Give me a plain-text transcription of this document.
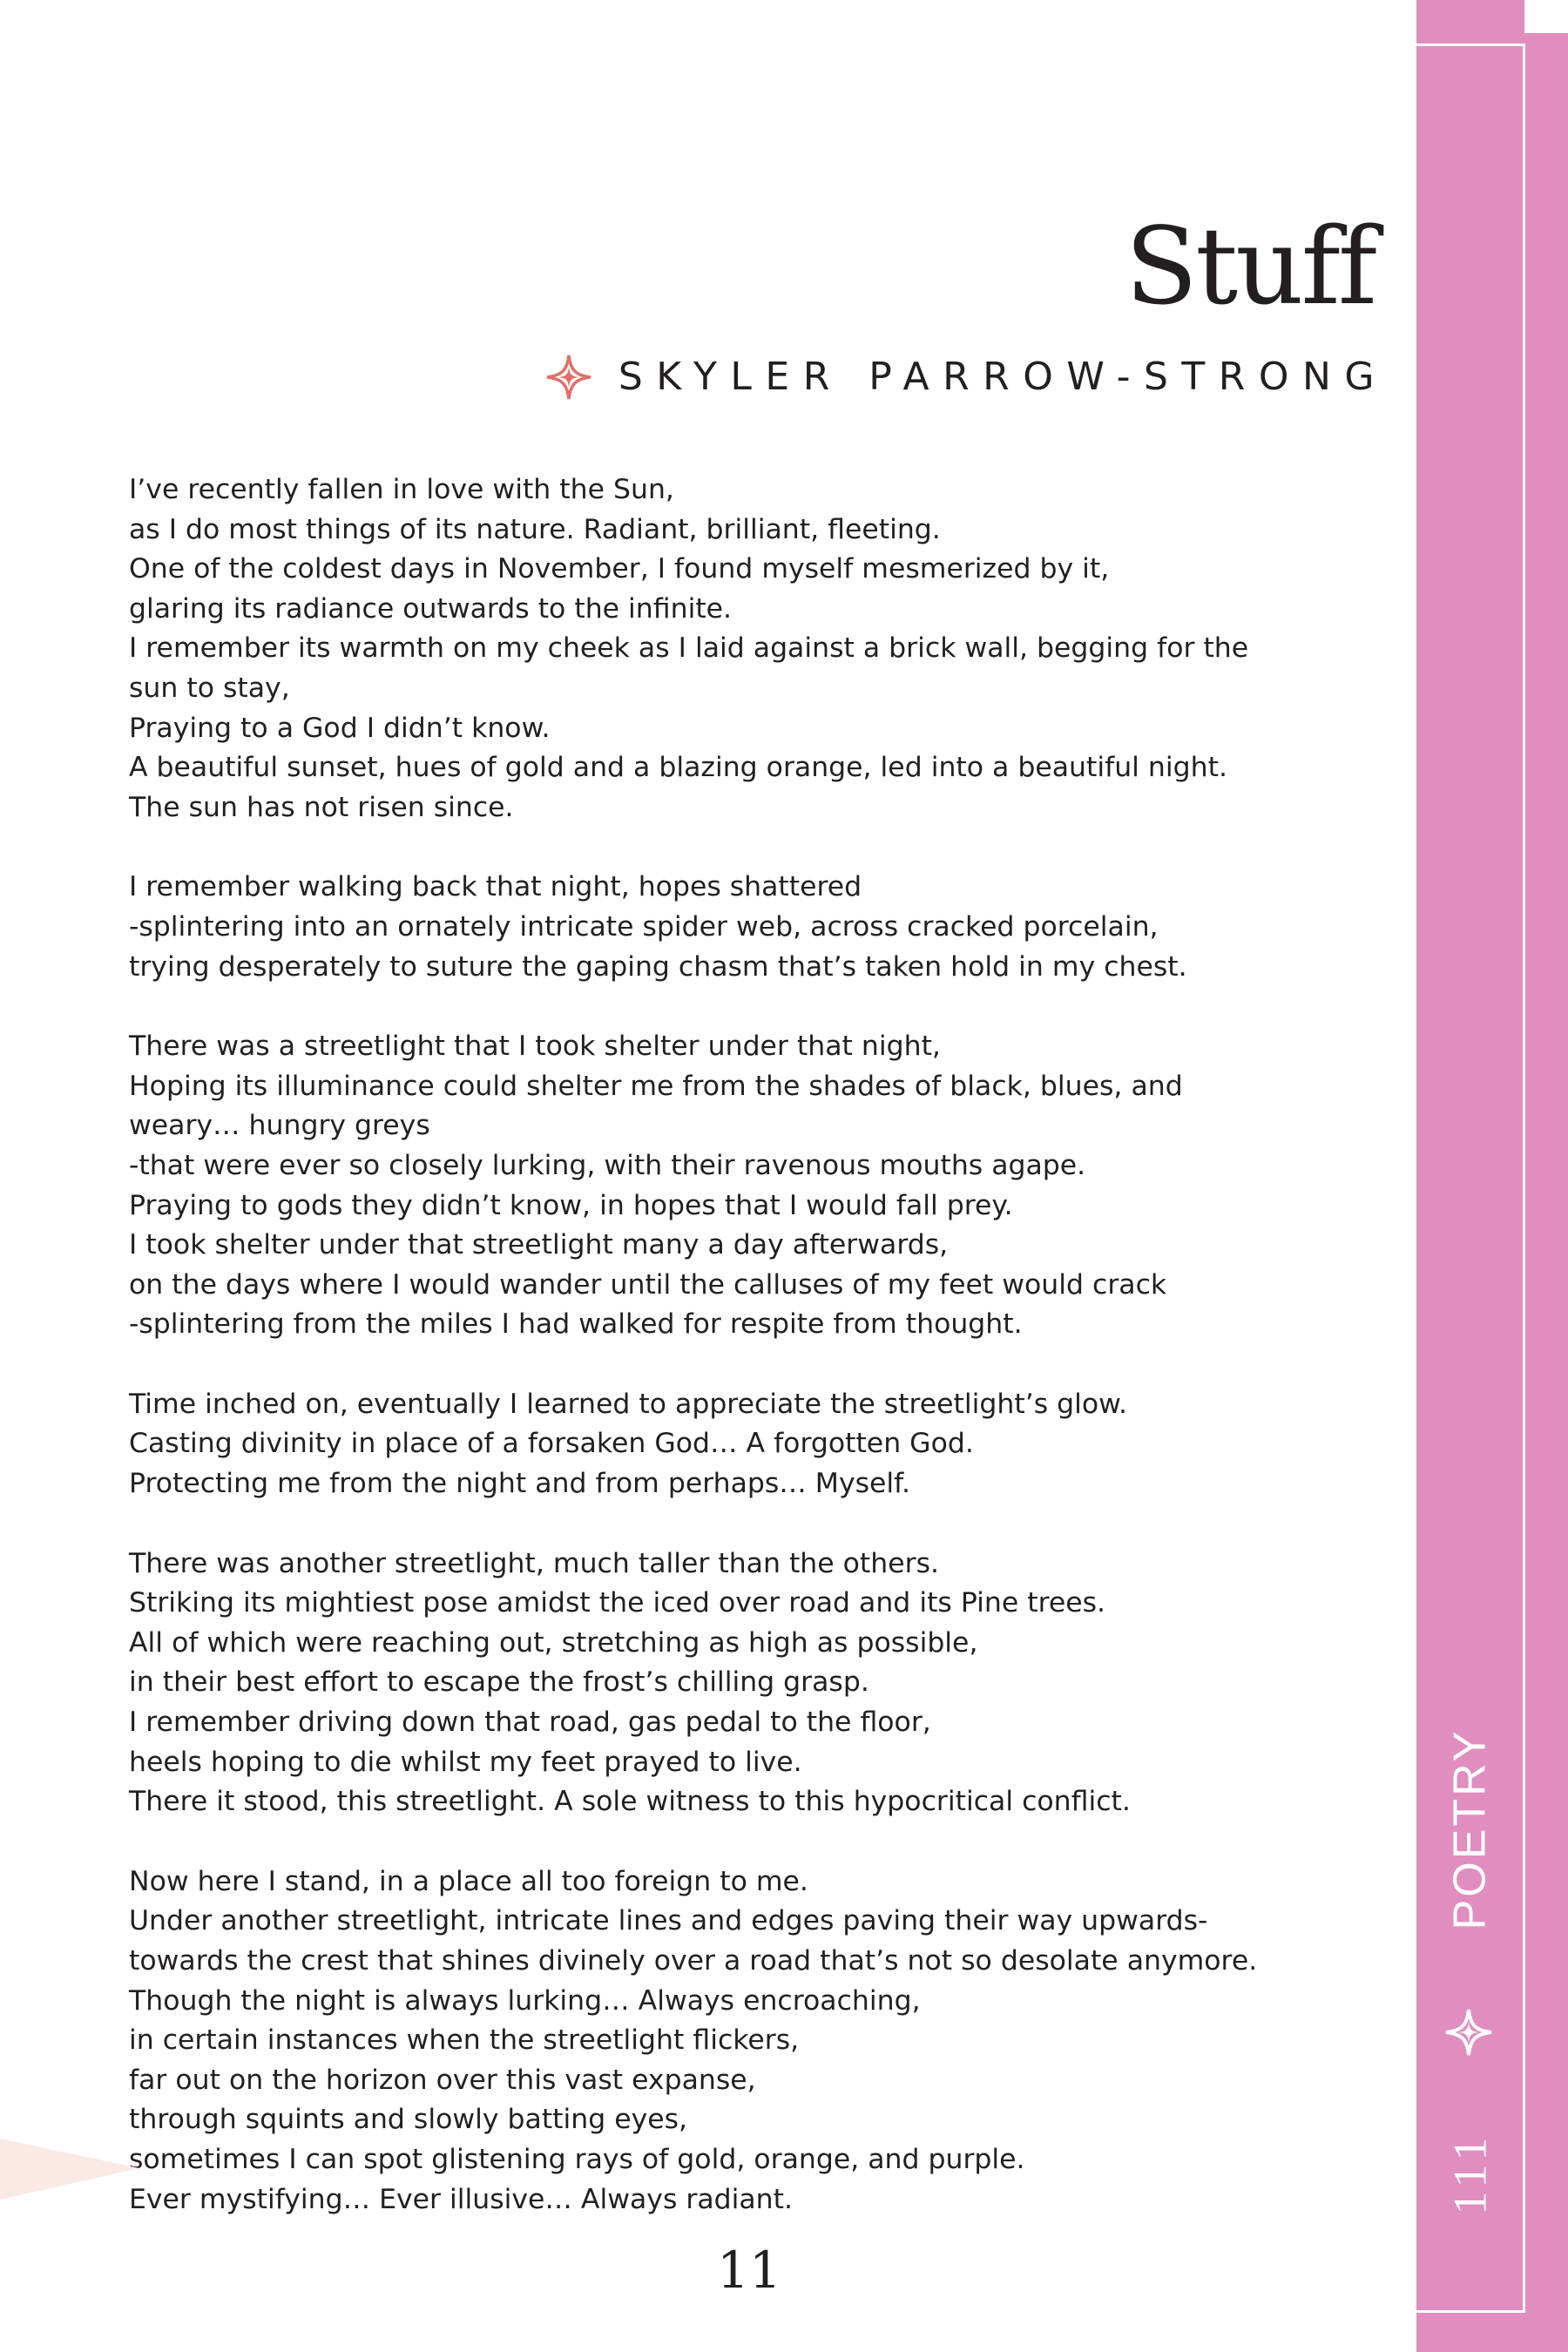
POETRY
111
Stuff
SKYLER PARROW-STRONG
I’ve recently fallen in love with the Sun,
as I do most things of its nature. Radiant, brilliant, fleeting.
One of the coldest days in November, I found myself mesmerized by it,
glaring its radiance outwards to the infinite.
I remember its warmth on my cheek as I laid against a brick wall, begging for the
sun to stay,
Praying to a God I didn’t know.
A beautiful sunset, hues of gold and a blazing orange, led into a beautiful night.
The sun has not risen since.
I remember walking back that night, hopes shattered
-splintering into an ornately intricate spider web, across cracked porcelain,
trying desperately to suture the gaping chasm that’s taken hold in my chest.
There was a streetlight that I took shelter under that night,
Hoping its illuminance could shelter me from the shades of black, blues, and
weary… hungry greys
-that were ever so closely lurking, with their ravenous mouths agape.
Praying to gods they didn’t know, in hopes that I would fall prey.
I took shelter under that streetlight many a day afterwards,
on the days where I would wander until the calluses of my feet would crack
-splintering from the miles I had walked for respite from thought.
Time inched on, eventually I learned to appreciate the streetlight’s glow.
Casting divinity in place of a forsaken God… A forgotten God.
Protecting me from the night and from perhaps… Myself.
There was another streetlight, much taller than the others.
Striking its mightiest pose amidst the iced over road and its Pine trees.
All of which were reaching out, stretching as high as possible,
in their best effort to escape the frost’s chilling grasp.
I remember driving down that road, gas pedal to the floor,
heels hoping to die whilst my feet prayed to live.
There it stood, this streetlight. A sole witness to this hypocritical conflict.
Now here I stand, in a place all too foreign to me.
Under another streetlight, intricate lines and edges paving their way upwards-
towards the crest that shines divinely over a road that’s not so desolate anymore.
Though the night is always lurking… Always encroaching,
in certain instances when the streetlight flickers,
far out on the horizon over this vast expanse,
through squints and slowly batting eyes,
sometimes I can spot glistening rays of gold, orange, and purple.
Ever mystifying… Ever illusive… Always radiant.
11
